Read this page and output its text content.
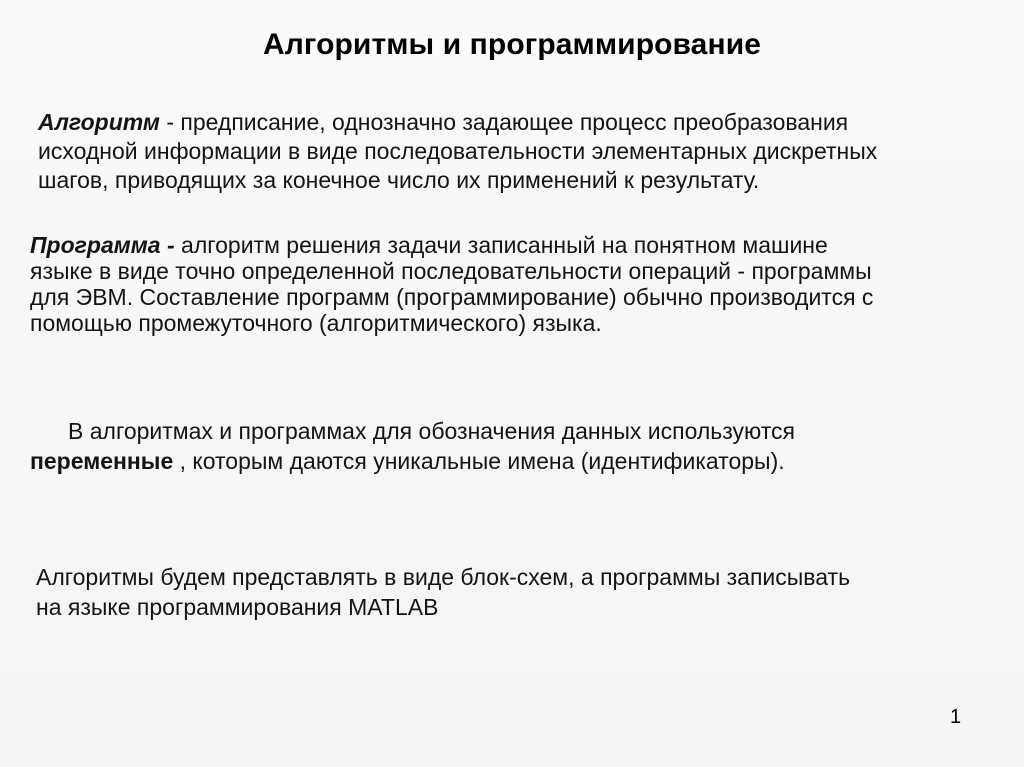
Алгоритмы и программирование
Алгоритм - предписание, однозначно задающее процесс преобразования
исходной информации в виде последовательности элементарных дискретных
шагов, приводящих за конечное число их применений к результату.
Программа - алгоритм решения задачи записанный на понятном машине
языке в виде точно определенной последовательности операций - программы
для ЭВМ. Составление программ (программирование) обычно производится с
помощью промежуточного (алгоритмического) языка.
В алгоритмах и программах для обозначения данных используются
переменные , которым даются уникальные имена (идентификаторы).
Алгоритмы будем представлять в виде блок-схем, а программы записывать
на языке программирования MATLAB
1
